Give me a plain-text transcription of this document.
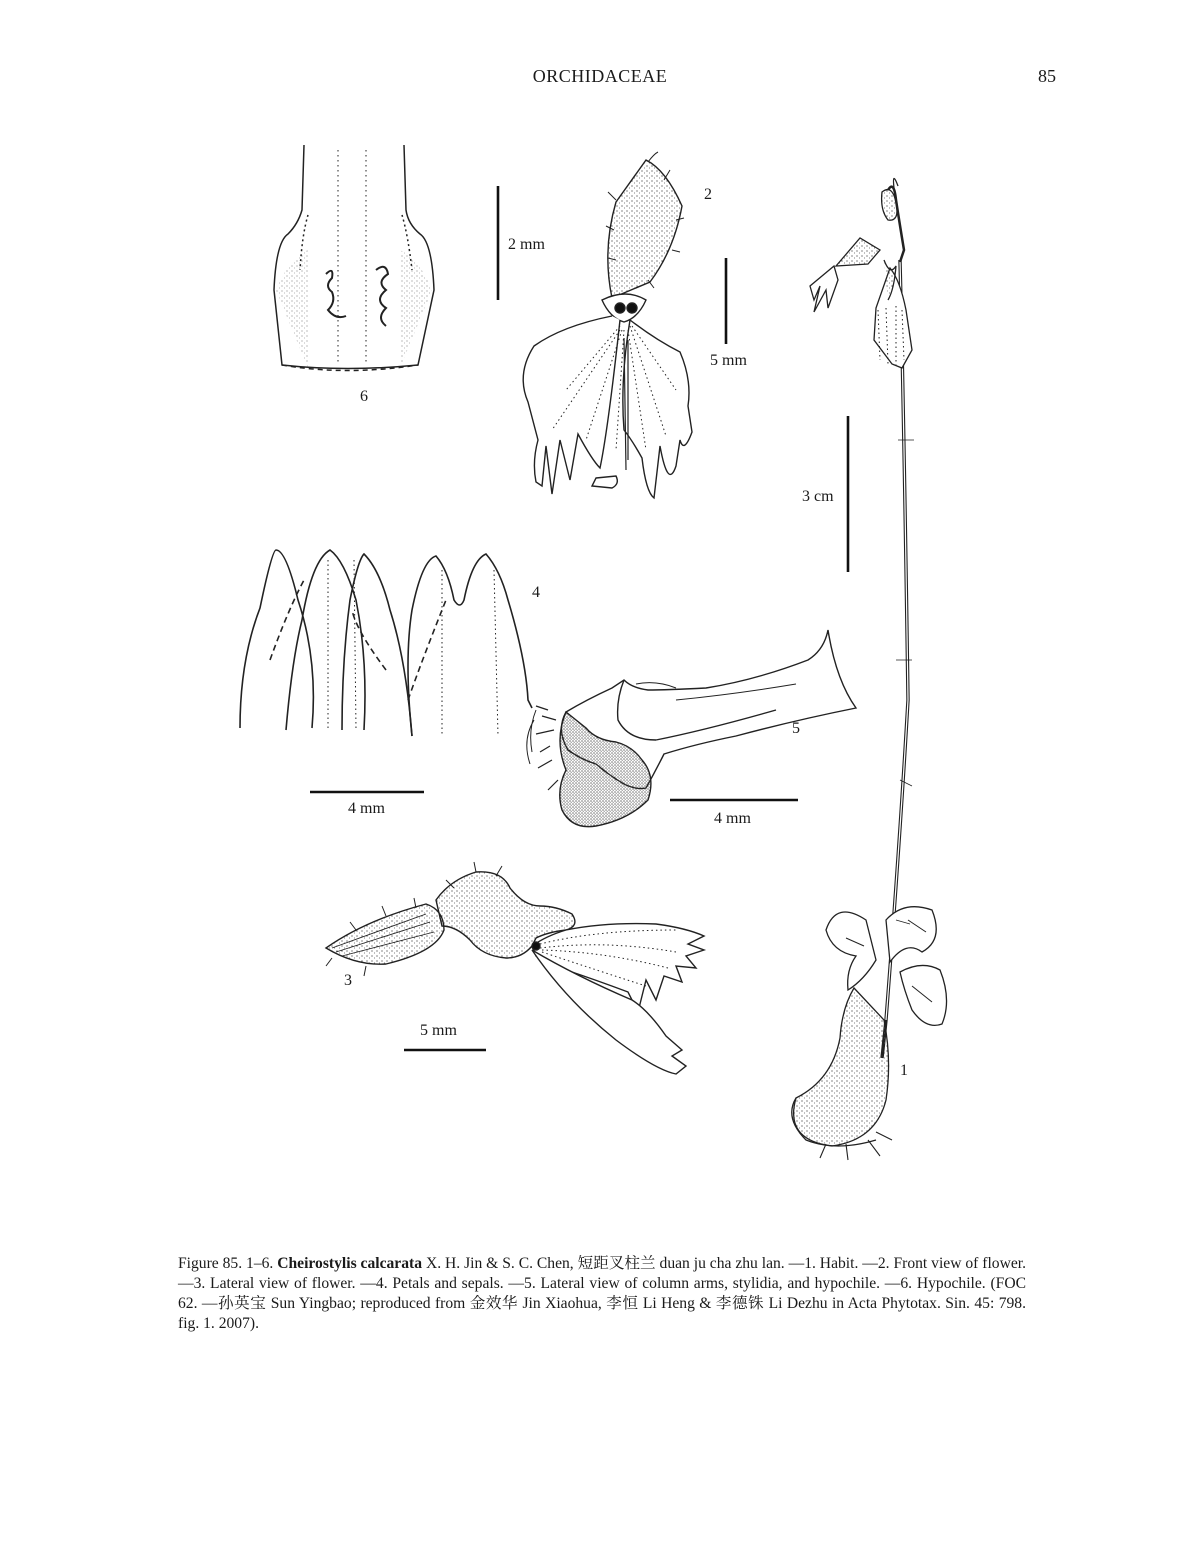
ORCHIDACEAE	85
6
2
4
5
3
1
2 mm
5 mm
3 cm
4 mm
4 mm
5 mm
Figure 85. 1–6. Cheirostylis calcarata X. H. Jin & S. C. Chen, 短距叉柱兰 duan ju cha zhu lan. —1. Habit. —2. Front view of flower. —3. Lateral view of flower. —4. Petals and sepals. —5. Lateral view of column arms, stylidia, and hypochile. —6. Hypochile. (FOC 62. —孙英宝 Sun Yingbao; reproduced from 金效华 Jin Xiaohua, 李恒 Li Heng & 李德铢 Li Dezhu in Acta Phytotax. Sin. 45: 798. fig. 1. 2007).
